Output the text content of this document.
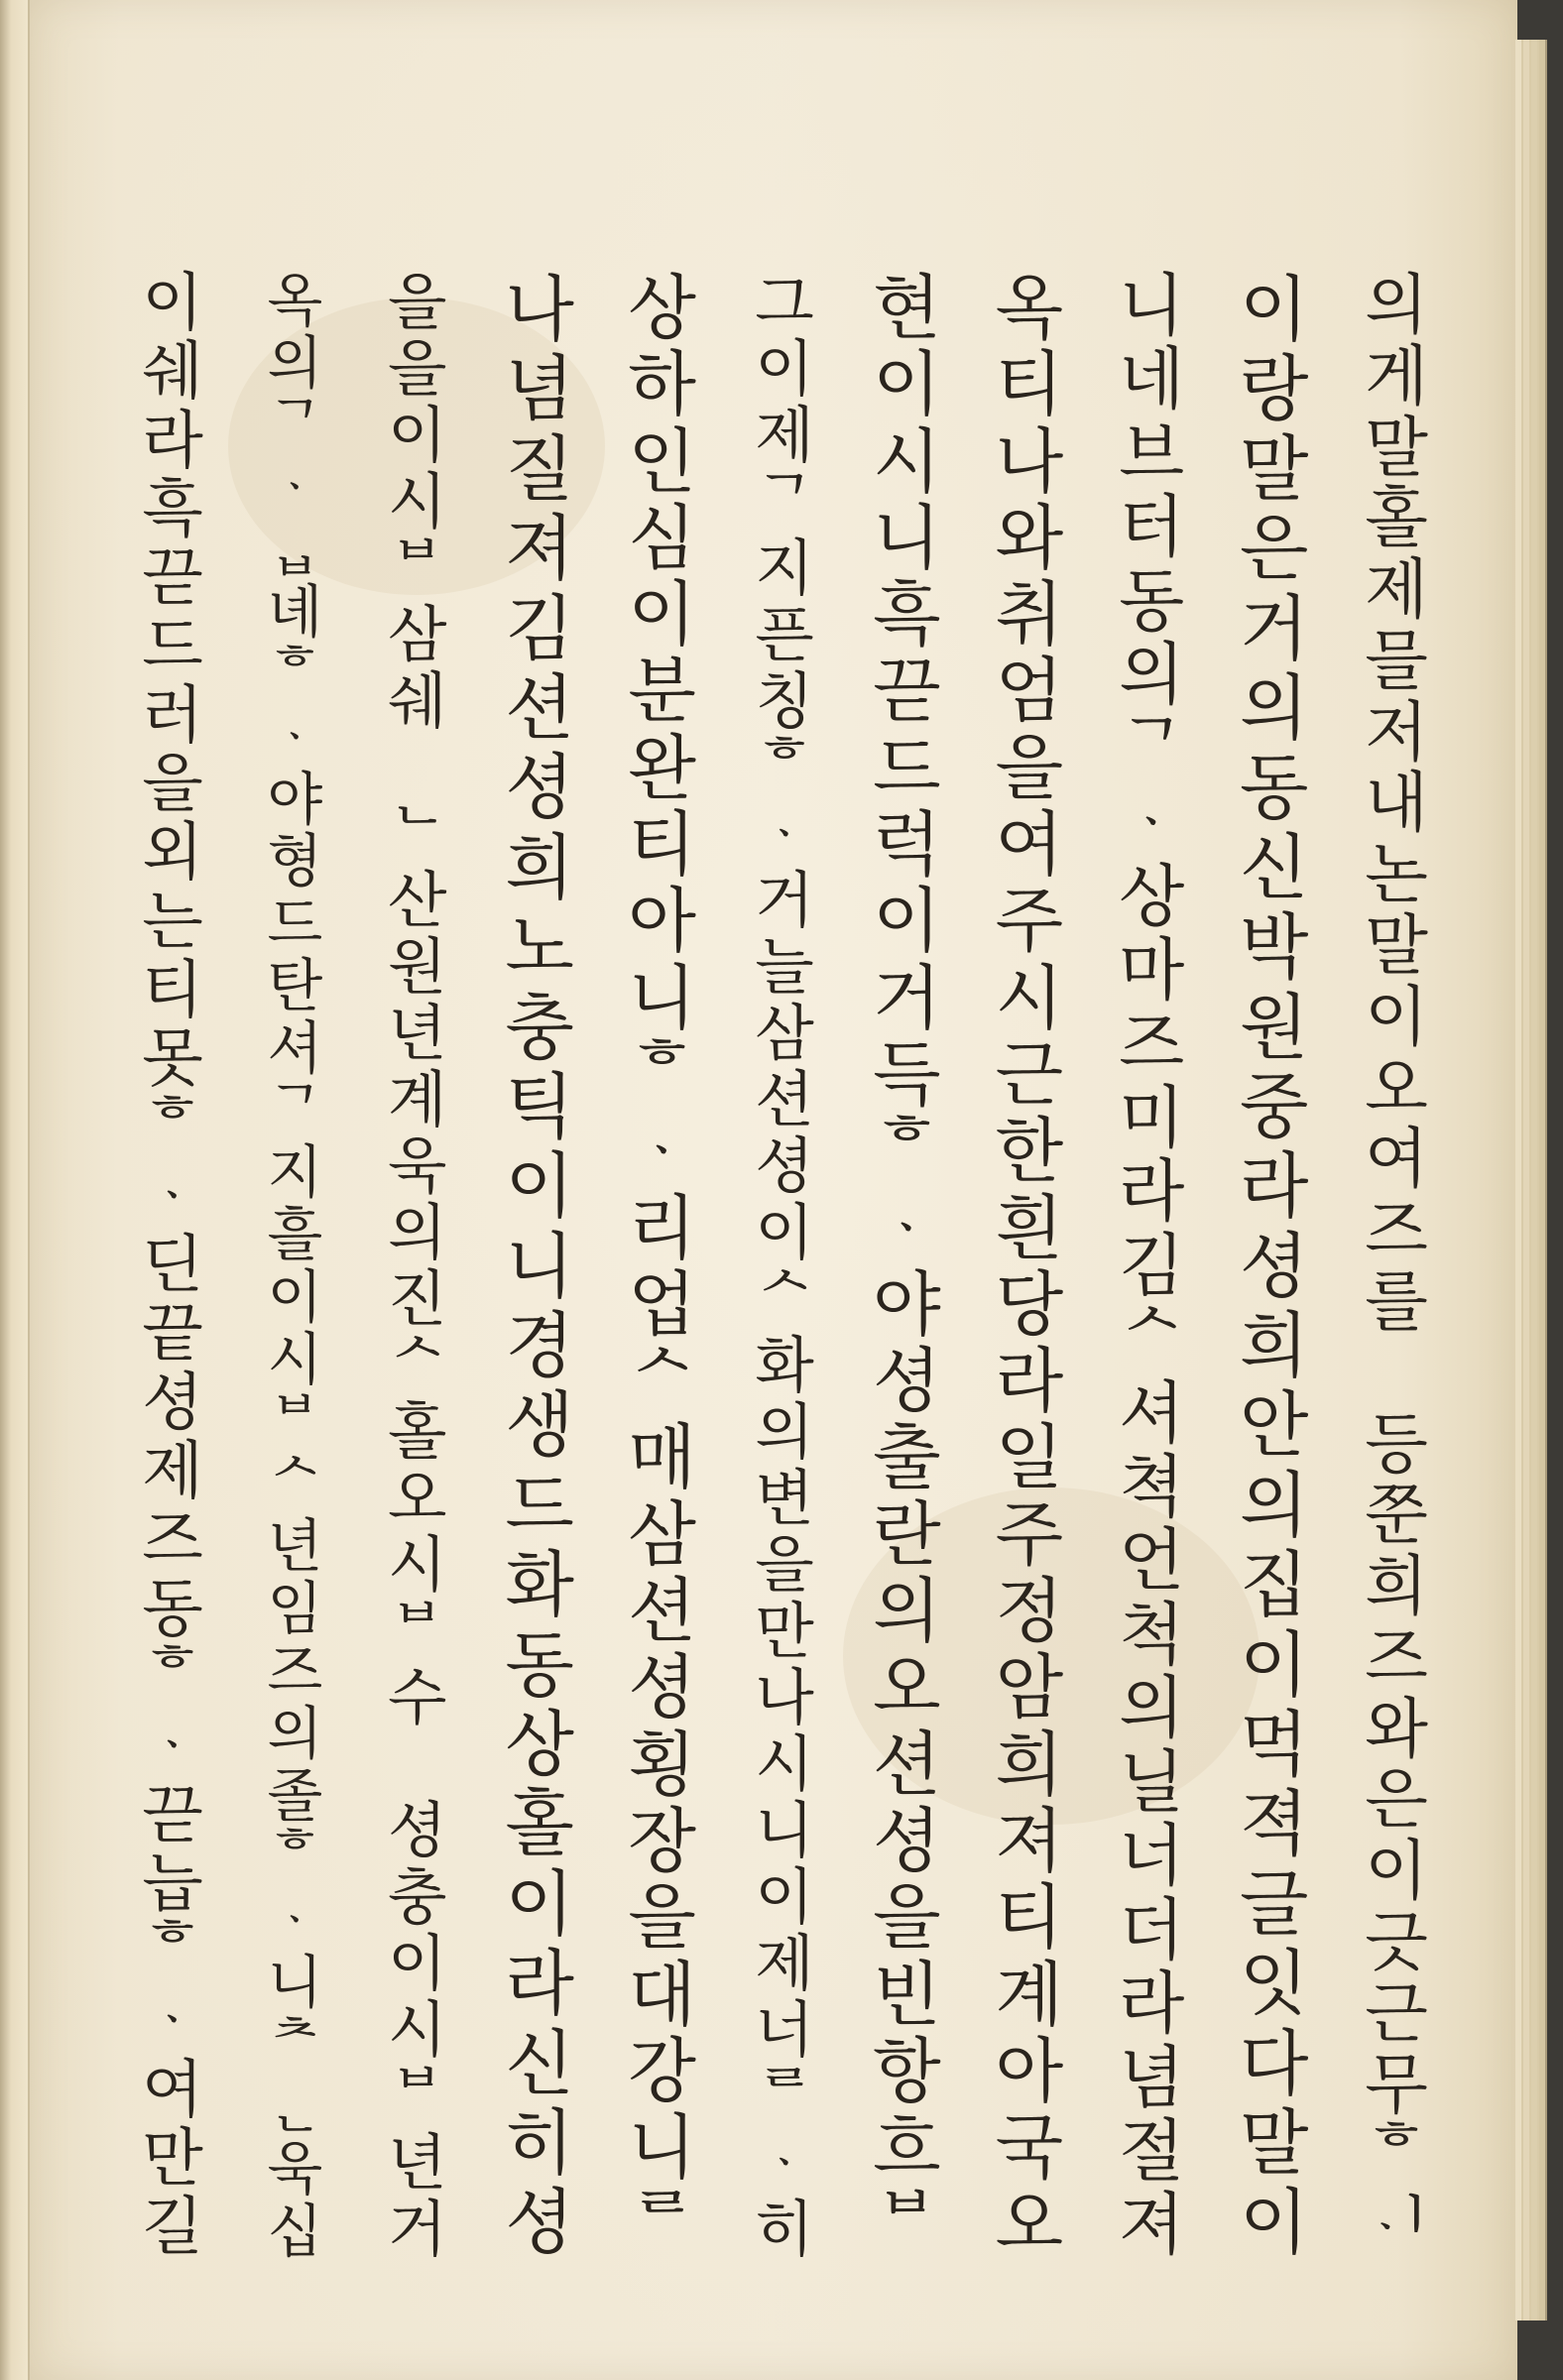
의
게
말
홀
제
믈
저
내
논
말
이
오
여
즈
를
등
쭌
희
즈
와
은
이
긋
근
무
ᄒ
ᆡ
이
랑
말
은
거
의
동
신
박
원
중
라
셩
희
안
의
집
이
먹
젹
글
잇
다
말
이
니
네
브
터
동
의
ᄀ
ᆞ
상
마
즈
미
라
김
ᄉ
셔
쳑
언
척
의
닐
너
더
라
념
절
져
옥
티
나
와
취
엄
을
여
주
시
근
한
흰
당
라
일
주
정
암
희
져
티
계
아
국
오
현
이
시
니
흑
끋
드
럭
이
거
득
ᄒ
ᆞ
야
셩
출
란
의
오
션
셩
을
빈
항
흐
ᄇ
그
이
제
ᄀ
지
픈
칭
ᄒ
ᆞ
거
늘
삼
션
셩
이
ᄉ
화
의
변
을
만
나
시
니
이
제
너
ᄅ
ᆞ
히
상
하
인
심
이
분
완
티
아
니
ᄒ
ᆞ
리
업
ᄉ
매
삼
션
셩
횡
장
을
대
강
니
ᄅ
나
념
질
져
김
션
셩
희
노
충
틱
이
니
경
생
드
화
동
상
홀
이
라
신
히
셩
을
을
이
시
ᄇ
삼
쉐
ᄂ
산
원
년
계
욱
의
진
ᄉ
홀
오
시
ᄇ
수
셩
충
이
시
ᄇ
년
거
옥
의
ᄀ
ᆞ
ᆸ
녜
ᄒ
ᆞ
야
형
드
탄
셔
ᄀ
지
흘
이
시
ᄇ
ᄉ
년
임
즈
의
졸
ᄒ
ᆞ
니
ᄎ
ᆫ
욱
십
이
쉐
라
흑
끋
드
러
을
외
는
티
못
ᄒ
ᆞ
딘
끝
셩
제
즈
동
ᄒ
ᆞ
끋
늡
ᄒ
ᆞ
여
만
길
